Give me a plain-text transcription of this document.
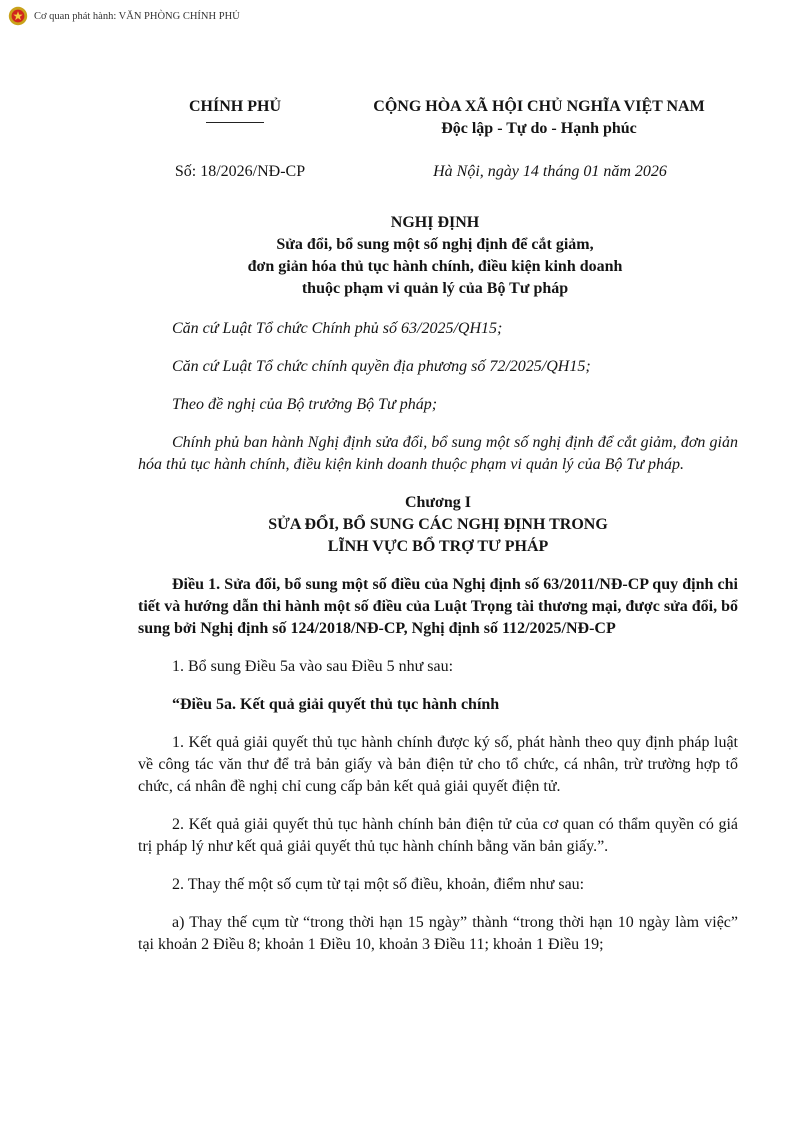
Cơ quan phát hành: VĂN PHÒNG CHÍNH PHỦ
CHÍNH PHỦ	CỘNG HÒA XÃ HỘI CHỦ NGHĨA VIỆT NAM
Độc lập - Tự do - Hạnh phúc
Số: 18/2026/NĐ-CP	Hà Nội, ngày 14 tháng 01 năm 2026
NGHỊ ĐỊNH
Sửa đổi, bổ sung một số nghị định để cắt giảm,
đơn giản hóa thủ tục hành chính, điều kiện kinh doanh
thuộc phạm vi quản lý của Bộ Tư pháp

Căn cứ Luật Tổ chức Chính phủ số 63/2025/QH15;

Căn cứ Luật Tổ chức chính quyền địa phương số 72/2025/QH15;

Theo đề nghị của Bộ trưởng Bộ Tư pháp;

Chính phủ ban hành Nghị định sửa đổi, bổ sung một số nghị định để cắt giảm, đơn giản hóa thủ tục hành chính, điều kiện kinh doanh thuộc phạm vi quản lý của Bộ Tư pháp.

Chương I

SỬA ĐỔI, BỔ SUNG CÁC NGHỊ ĐỊNH TRONG

LĨNH VỰC BỔ TRỢ TƯ PHÁP

Điều 1. Sửa đổi, bổ sung một số điều của Nghị định số 63/2011/NĐ-CP quy định chi tiết và hướng dẫn thi hành một số điều của Luật Trọng tài thương mại, được sửa đổi, bổ sung bởi Nghị định số 124/2018/NĐ-CP, Nghị định số 112/2025/NĐ-CP

1. Bổ sung Điều 5a vào sau Điều 5 như sau:

“Điều 5a. Kết quả giải quyết thủ tục hành chính

1. Kết quả giải quyết thủ tục hành chính được ký số, phát hành theo quy định pháp luật về công tác văn thư để trả bản giấy và bản điện tử cho tổ chức, cá nhân, trừ trường hợp tổ chức, cá nhân đề nghị chỉ cung cấp bản kết quả giải quyết điện tử.

2. Kết quả giải quyết thủ tục hành chính bản điện tử của cơ quan có thẩm quyền có giá trị pháp lý như kết quả giải quyết thủ tục hành chính bằng văn bản giấy.”.

2. Thay thế một số cụm từ tại một số điều, khoản, điểm như sau:

a) Thay thế cụm từ “trong thời hạn 15 ngày” thành “trong thời hạn 10 ngày làm việc” tại khoản 2 Điều 8; khoản 1 Điều 10, khoản 3 Điều 11; khoản 1 Điều 19;
